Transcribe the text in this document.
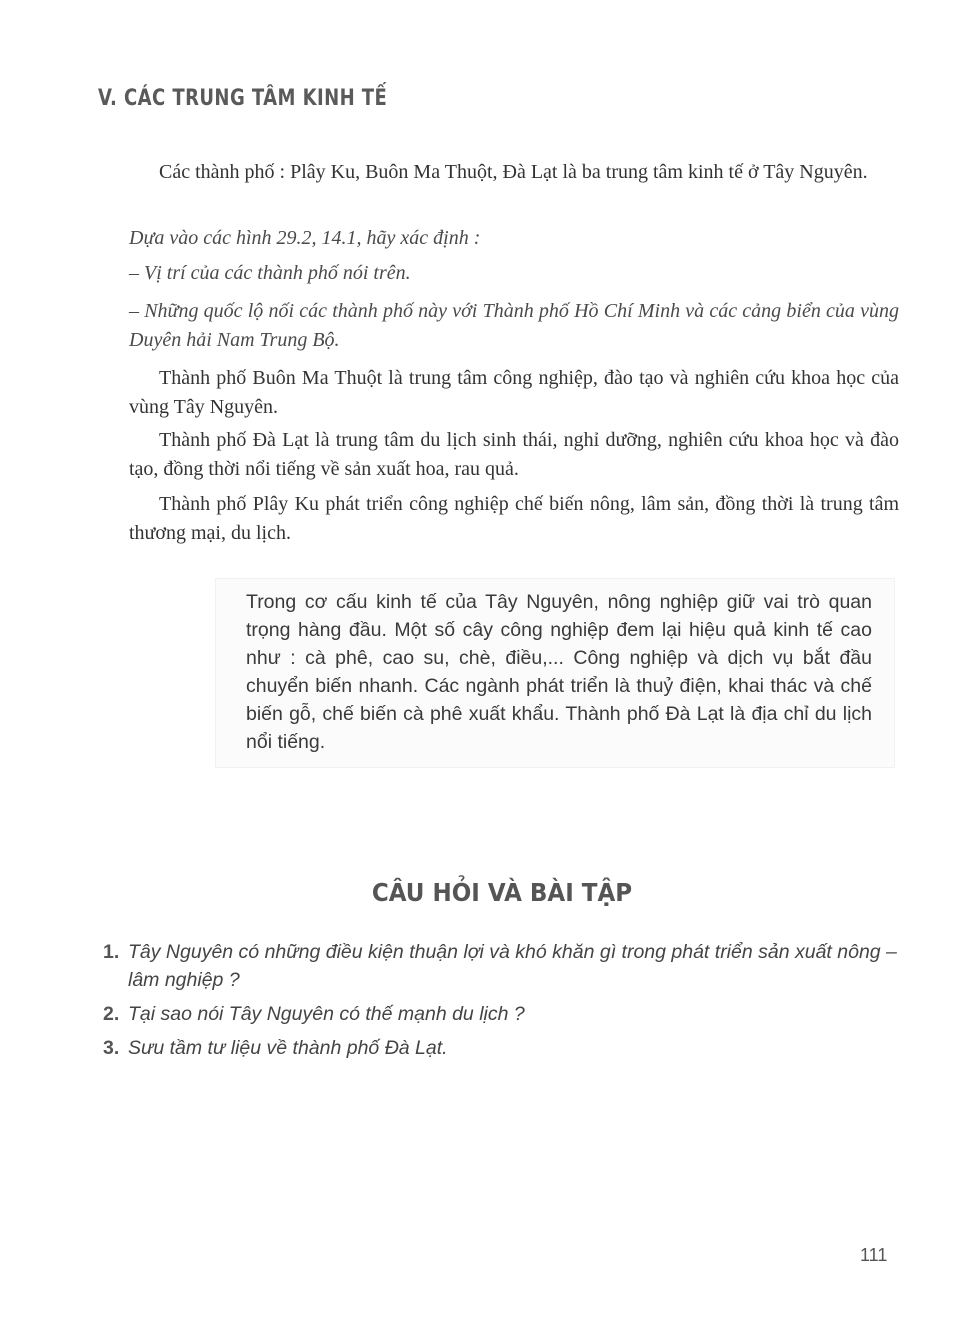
V. CÁC TRUNG TÂM KINH TẾ

Các thành phố : Plây Ku, Buôn Ma Thuột, Đà Lạt là ba trung tâm kinh tế ở Tây Nguyên.

Dựa vào các hình 29.2, 14.1, hãy xác định :

– Vị trí của các thành phố nói trên.

– Những quốc lộ nối các thành phố này với Thành phố Hồ Chí Minh và các cảng biển của vùng Duyên hải Nam Trung Bộ.

Thành phố Buôn Ma Thuột là trung tâm công nghiệp, đào tạo và nghiên cứu khoa học của vùng Tây Nguyên.

Thành phố Đà Lạt là trung tâm du lịch sinh thái, nghỉ dưỡng, nghiên cứu khoa học và đào tạo, đồng thời nổi tiếng về sản xuất hoa, rau quả.

Thành phố Plây Ku phát triển công nghiệp chế biến nông, lâm sản, đồng thời là trung tâm thương mại, du lịch.

Trong cơ cấu kinh tế của Tây Nguyên, nông nghiệp giữ vai trò quan trọng hàng đầu. Một số cây công nghiệp đem lại hiệu quả kinh tế cao như : cà phê, cao su, chè, điều,... Công nghiệp và dịch vụ bắt đầu chuyển biến nhanh. Các ngành phát triển là thuỷ điện, khai thác và chế biến gỗ, chế biến cà phê xuất khẩu. Thành phố Đà Lạt là địa chỉ du lịch nổi tiếng.

CÂU HỎI VÀ BÀI TẬP
1. Tây Nguyên có những điều kiện thuận lợi và khó khăn gì trong phát triển sản xuất nông – lâm nghiệp ?
2. Tại sao nói Tây Nguyên có thế mạnh du lịch ?
3. Sưu tầm tư liệu về thành phố Đà Lạt.

111
